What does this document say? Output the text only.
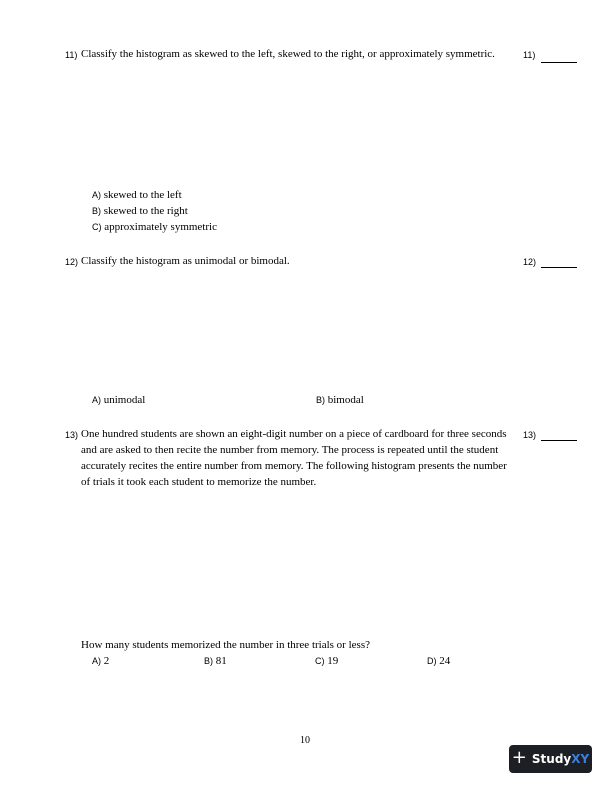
11) Classify the histogram as skewed to the left, skewed to the right, or approximately symmetric.	11)
A) skewed to the left
B) skewed to the right
C) approximately symmetric
12) Classify the histogram as unimodal or bimodal.	12)
A) unimodal	B) bimodal
13) One hundred students are shown an eight-digit number on a piece of cardboard for three seconds
and are asked to then recite the number from memory. The process is repeated until the student
accurately recites the entire number from memory. The following histogram presents the number
of trials it took each student to memorize the number.
13)
How many students memorized the number in three trials or less?
A) 2	B) 81	C) 19	D) 24
10
+ StudyXY
